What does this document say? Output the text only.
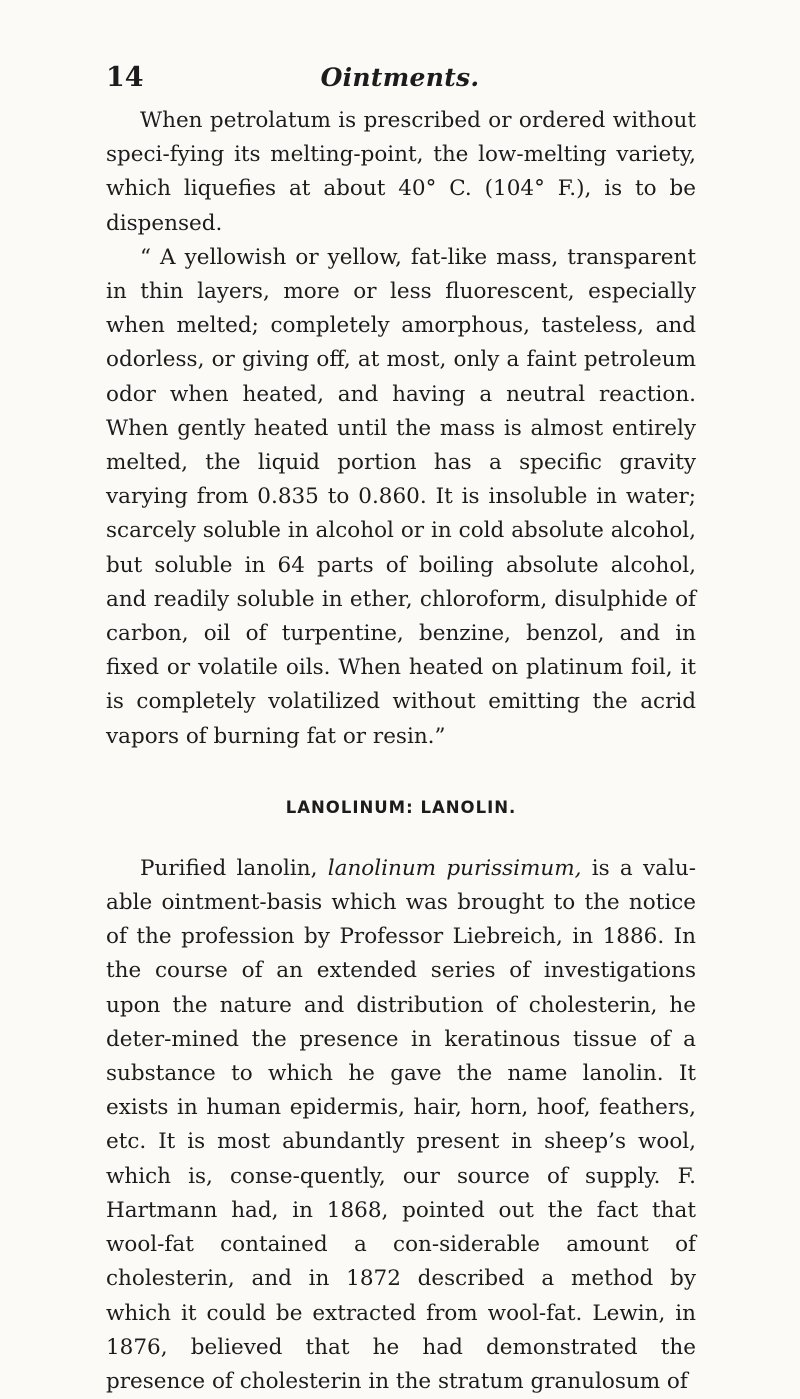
14	Ointments.

When petrolatum is prescribed or ordered without speci-fying its melting-point, the low-melting variety, which liquefies at about 40° C. (104° F.), is to be dispensed.

“ A yellowish or yellow, fat-like mass, transparent in thin layers, more or less fluorescent, especially when melted; completely amorphous, tasteless, and odorless, or giving off, at most, only a faint petroleum odor when heated, and having a neutral reaction. When gently heated until the mass is almost entirely melted, the liquid portion has a specific gravity varying from 0.835 to 0.860. It is insoluble in water; scarcely soluble in alcohol or in cold absolute alcohol, but soluble in 64 parts of boiling absolute alcohol, and readily soluble in ether, chloroform, disulphide of carbon, oil of turpentine, benzine, benzol, and in fixed or volatile oils. When heated on platinum foil, it is completely volatilized without emitting the acrid vapors of burning fat or resin.”

LANOLINUM: LANOLIN.

Purified lanolin, lanolinum purissimum, is a valu-able ointment-basis which was brought to the notice of the profession by Professor Liebreich, in 1886. In the course of an extended series of investigations upon the nature and distribution of cholesterin, he deter-mined the presence in keratinous tissue of a substance to which he gave the name lanolin. It exists in human epidermis, hair, horn, hoof, feathers, etc. It is most abundantly present in sheep’s wool, which is, conse-quently, our source of supply. F. Hartmann had, in 1868, pointed out the fact that wool-fat contained a con-siderable amount of cholesterin, and in 1872 described a method by which it could be extracted from wool-fat. Lewin, in 1876, believed that he had demonstrated the presence of cholesterin in the stratum granulosum of
